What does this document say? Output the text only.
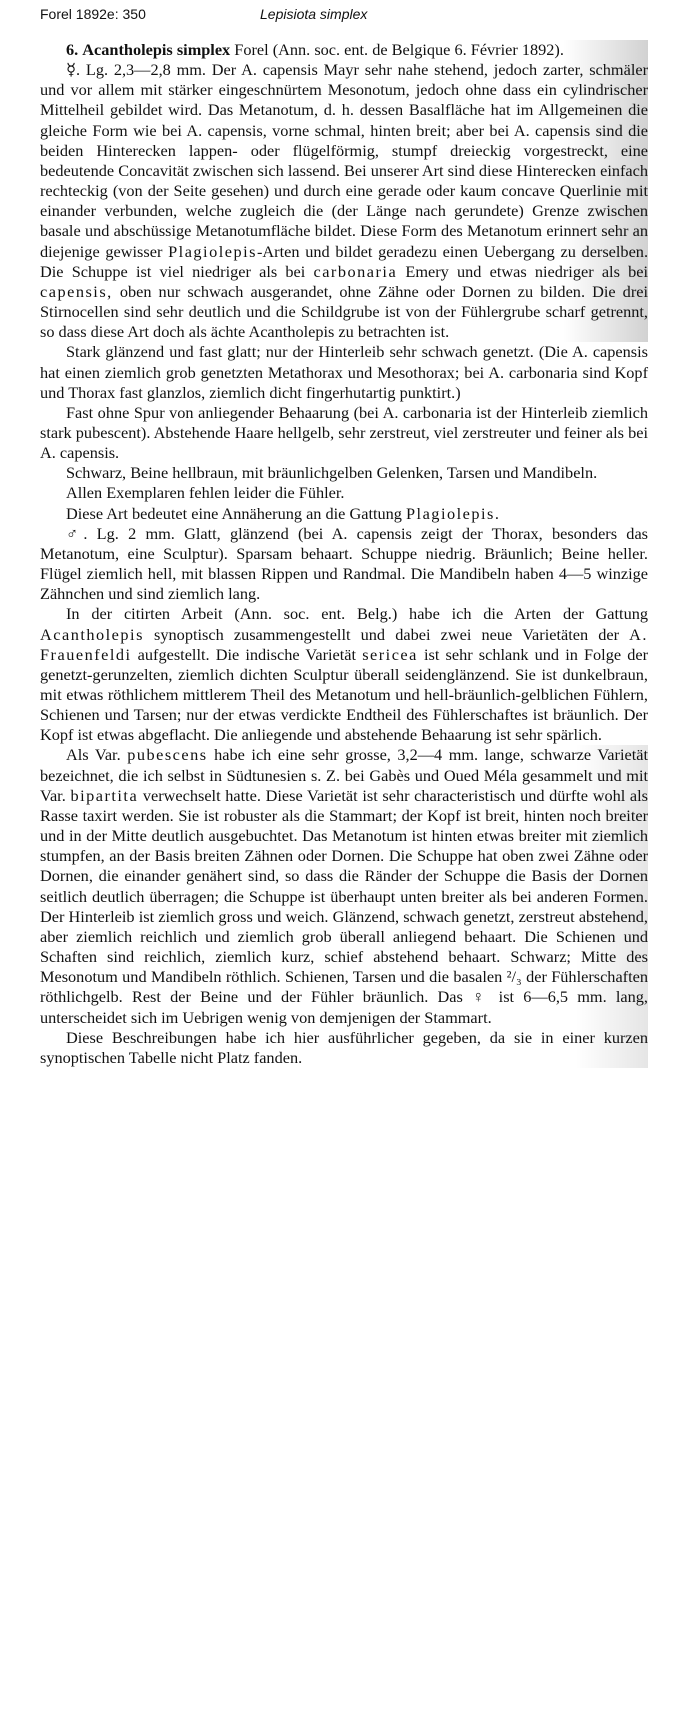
Forel 1892e: 350	Lepisiota simplex

6. Acantholepis simplex Forel (Ann. soc. ent. de Belgique 6. Février 1892).

☿. Lg. 2,3—2,8 mm. Der A. capensis Mayr sehr nahe stehend, jedoch zarter, schmäler und vor allem mit stärker eingeschnürtem Mesonotum, jedoch ohne dass ein cylindrischer Mittelheil gebildet wird. Das Metanotum, d. h. dessen Basalfläche hat im Allgemeinen die gleiche Form wie bei A. capensis, vorne schmal, hinten breit; aber bei A. capensis sind die beiden Hinterecken lappen- oder flügelförmig, stumpf dreieckig vorgestreckt, eine bedeutende Concavität zwischen sich lassend. Bei unserer Art sind diese Hinterecken einfach rechteckig (von der Seite gesehen) und durch eine gerade oder kaum concave Querlinie mit einander verbunden, welche zugleich die (der Länge nach gerundete) Grenze zwischen basale und abschüssige Metanotumfläche bildet. Diese Form des Metanotum erinnert sehr an diejenige gewisser Plagiolepis-Arten und bildet geradezu einen Uebergang zu derselben. Die Schuppe ist viel niedriger als bei carbonaria Emery und etwas niedriger als bei capensis, oben nur schwach ausgerandet, ohne Zähne oder Dornen zu bilden. Die drei Stirnocellen sind sehr deutlich und die Schildgrube ist von der Fühlergrube scharf getrennt, so dass diese Art doch als ächte Acantholepis zu betrachten ist.

Stark glänzend und fast glatt; nur der Hinterleib sehr schwach genetzt. (Die A. capensis hat einen ziemlich grob genetzten Metathorax und Mesothorax; bei A. carbonaria sind Kopf und Thorax fast glanzlos, ziemlich dicht fingerhutartig punktirt.)

Fast ohne Spur von anliegender Behaarung (bei A. carbonaria ist der Hinterleib ziemlich stark pubescent). Abstehende Haare hellgelb, sehr zerstreut, viel zerstreuter und feiner als bei A. capensis.

Schwarz, Beine hellbraun, mit bräunlichgelben Gelenken, Tarsen und Mandibeln.

Allen Exemplaren fehlen leider die Fühler.

Diese Art bedeutet eine Annäherung an die Gattung Plagiolepis.

♂. Lg. 2 mm. Glatt, glänzend (bei A. capensis zeigt der Thorax, besonders das Metanotum, eine Sculptur). Sparsam behaart. Schuppe niedrig. Bräunlich; Beine heller. Flügel ziemlich hell, mit blassen Rippen und Randmal. Die Mandibeln haben 4—5 winzige Zähnchen und sind ziemlich lang.

In der citirten Arbeit (Ann. soc. ent. Belg.) habe ich die Arten der Gattung Acantholepis synoptisch zusammengestellt und dabei zwei neue Varietäten der A. Frauenfeldi aufgestellt. Die indische Varietät sericea ist sehr schlank und in Folge der genetzt-gerunzelten, ziemlich dichten Sculptur überall seidenglänzend. Sie ist dunkelbraun, mit etwas röthlichem mittlerem Theil des Metanotum und hell-bräunlich-gelblichen Fühlern, Schienen und Tarsen; nur der etwas verdickte Endtheil des Fühlerschaftes ist bräunlich. Der Kopf ist etwas abgeflacht. Die anliegende und abstehende Behaarung ist sehr spärlich.

Als Var. pubescens habe ich eine sehr grosse, 3,2—4 mm. lange, schwarze Varietät bezeichnet, die ich selbst in Südtunesien s. Z. bei Gabès und Oued Méla gesammelt und mit Var. bipartita verwechselt hatte. Diese Varietät ist sehr characteristisch und dürfte wohl als Rasse taxirt werden. Sie ist robuster als die Stammart; der Kopf ist breit, hinten noch breiter und in der Mitte deutlich ausgebuchtet. Das Metanotum ist hinten etwas breiter mit ziemlich stumpfen, an der Basis breiten Zähnen oder Dornen. Die Schuppe hat oben zwei Zähne oder Dornen, die einander genähert sind, so dass die Ränder der Schuppe die Basis der Dornen seitlich deutlich überragen; die Schuppe ist überhaupt unten breiter als bei anderen Formen. Der Hinterleib ist ziemlich gross und weich. Glänzend, schwach genetzt, zerstreut abstehend, aber ziemlich reichlich und ziemlich grob überall anliegend behaart. Die Schienen und Schaften sind reichlich, ziemlich kurz, schief abstehend behaart. Schwarz; Mitte des Mesonotum und Mandibeln röthlich. Schienen, Tarsen und die basalen ²/₃ der Fühlerschaften röthlichgelb. Rest der Beine und der Fühler bräunlich. Das ♀ ist 6—6,5 mm. lang, unterscheidet sich im Uebrigen wenig von demjenigen der Stammart.

Diese Beschreibungen habe ich hier ausführlicher gegeben, da sie in einer kurzen synoptischen Tabelle nicht Platz fanden.
